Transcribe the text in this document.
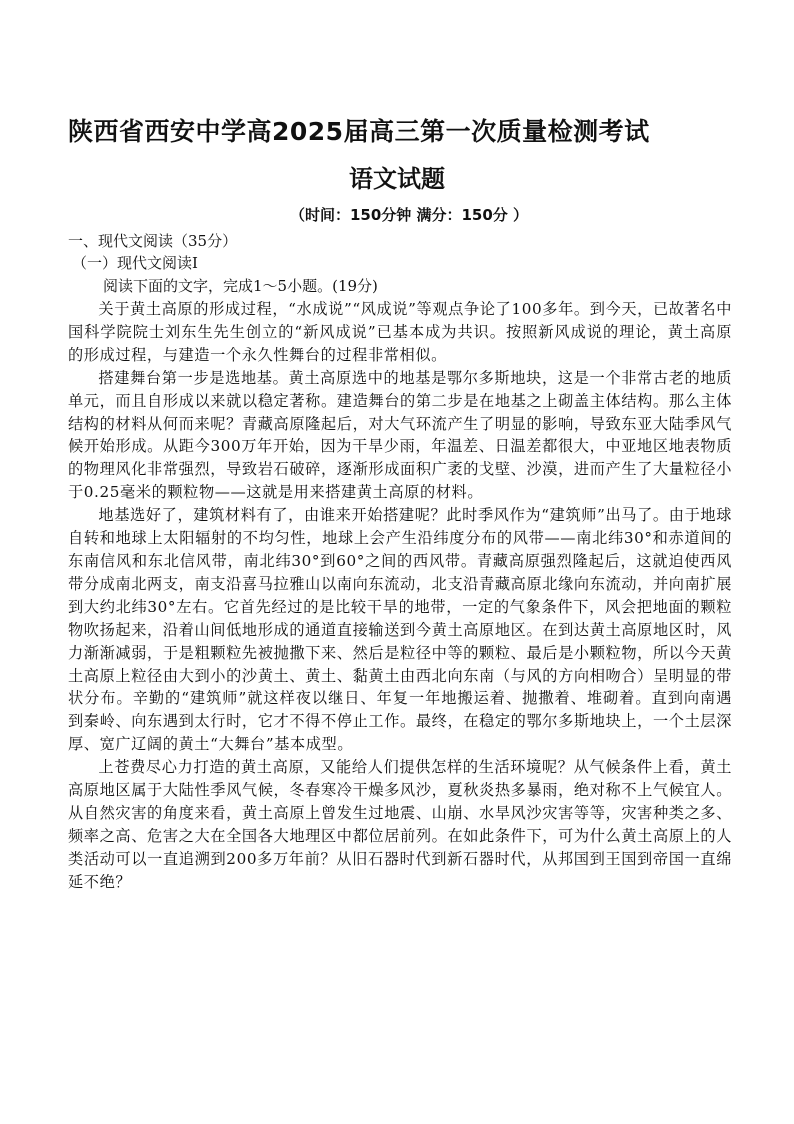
陕西省西安中学高2025届高三第一次质量检测考试
语文试题
（时间：150分钟 满分：150分 ）
一、现代文阅读（35分）
（一）现代文阅读Ⅰ
阅读下面的文字，完成1～5小题。(19分)

关于黄土高原的形成过程，“水成说”“风成说”等观点争论了100多年。到今天，已故著名中国科学院院士刘东生先生创立的“新风成说”已基本成为共识。按照新风成说的理论，黄土高原的形成过程，与建造一个永久性舞台的过程非常相似。

搭建舞台第一步是选地基。黄土高原选中的地基是鄂尔多斯地块，这是一个非常古老的地质单元，而且自形成以来就以稳定著称。建造舞台的第二步是在地基之上砌盖主体结构。那么主体结构的材料从何而来呢？青藏高原隆起后，对大气环流产生了明显的影响，导致东亚大陆季风气候开始形成。从距今300万年开始，因为干旱少雨，年温差、日温差都很大，中亚地区地表物质的物理风化非常强烈，导致岩石破碎，逐渐形成面积广袤的戈壁、沙漠，进而产生了大量粒径小于0.25毫米的颗粒物——这就是用来搭建黄土高原的材料。

地基选好了，建筑材料有了，由谁来开始搭建呢？此时季风作为“建筑师”出马了。由于地球自转和地球上太阳辐射的不均匀性，地球上会产生沿纬度分布的风带——南北纬30°和赤道间的东南信风和东北信风带，南北纬30°到60°之间的西风带。青藏高原强烈隆起后，这就迫使西风带分成南北两支，南支沿喜马拉雅山以南向东流动，北支沿青藏高原北缘向东流动，并向南扩展到大约北纬30°左右。它首先经过的是比较干旱的地带，一定的气象条件下，风会把地面的颗粒物吹扬起来，沿着山间低地形成的通道直接输送到今黄土高原地区。在到达黄土高原地区时，风力渐渐减弱，于是粗颗粒先被抛撒下来、然后是粒径中等的颗粒、最后是小颗粒物，所以今天黄土高原上粒径由大到小的沙黄土、黄土、黏黄土由西北向东南（与风的方向相吻合）呈明显的带状分布。辛勤的“建筑师”就这样夜以继日、年复一年地搬运着、抛撒着、堆砌着。直到向南遇到秦岭、向东遇到太行时，它才不得不停止工作。最终，在稳定的鄂尔多斯地块上，一个土层深厚、宽广辽阔的黄土“大舞台”基本成型。

上苍费尽心力打造的黄土高原，又能给人们提供怎样的生活环境呢？从气候条件上看，黄土高原地区属于大陆性季风气候，冬春寒冷干燥多风沙，夏秋炎热多暴雨，绝对称不上气候宜人。从自然灾害的角度来看，黄土高原上曾发生过地震、山崩、水旱风沙灾害等等，灾害种类之多、频率之高、危害之大在全国各大地理区中都位居前列。在如此条件下，可为什么黄土高原上的人类活动可以一直追溯到200多万年前？从旧石器时代到新石器时代，从邦国到王国到帝国一直绵延不绝？
